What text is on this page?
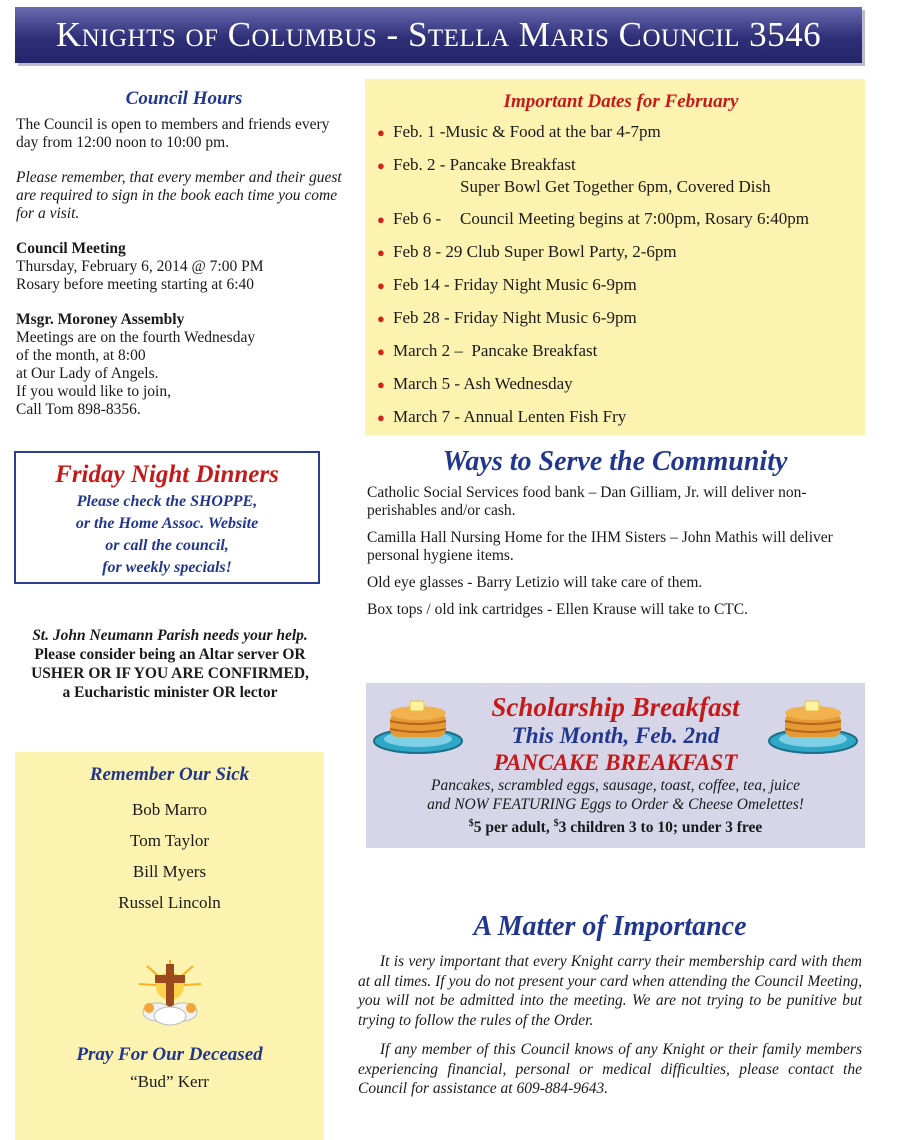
Knights of Columbus - Stella Maris Council 3546
Council Hours

The Council is open to members and friends every day from 12:00 noon to 10:00 pm.

Please remember, that every member and their guest are required to sign in the book each time you come for a visit.

Council Meeting

Thursday, February 6, 2014 @ 7:00 PM

Rosary before meeting starting at 6:40

Msgr. Moroney Assembly

Meetings are on the fourth Wednesday

of the month, at 8:00

at Our Lady of Angels.

If you would like to join,

Call Tom 898-8356.

Friday Night Dinners
Please check the SHOPPE,
or the Home Assoc. Website
or call the council,
for weekly specials!
St. John Neumann Parish needs your help.
Please consider being an Altar server OR
USHER OR IF YOU ARE CONFIRMED,
a Eucharistic minister OR lector
Remember Our Sick
Bob Marro
Tom Taylor
Bill Myers
Russel Lincoln
Pray For Our Deceased
“Bud” Kerr
Important Dates for February
● Feb. 1 -Music & Food at the bar 4-7pm
● Feb. 2 - Pancake Breakfast
Super Bowl Get Together 6pm, Covered Dish
● Feb 6 - Council Meeting begins at 7:00pm, Rosary 6:40pm
● Feb 8 - 29 Club Super Bowl Party, 2-6pm
● Feb 14 - Friday Night Music 6-9pm
● Feb 28 - Friday Night Music 6-9pm
● March 2 – Pancake Breakfast
● March 5 - Ash Wednesday
● March 7 - Annual Lenten Fish Fry
Ways to Serve the Community

Catholic Social Services food bank – Dan Gilliam, Jr. will deliver non-perishables and/or cash.

Camilla Hall Nursing Home for the IHM Sisters – John Mathis will deliver personal hygiene items.

Old eye glasses - Barry Letizio will take care of them.

Box tops / old ink cartridges - Ellen Krause will take to CTC.

Scholarship Breakfast
This Month, Feb. 2nd
PANCAKE BREAKFAST
Pancakes, scrambled eggs, sausage, toast, coffee, tea, juice
and NOW FEATURING Eggs to Order & Cheese Omelettes!
$5 per adult, $3 children 3 to 10; under 3 free
A Matter of Importance

It is very important that every Knight carry their membership card with them at all times. If you do not present your card when attending the Council Meeting, you will not be admitted into the meeting. We are not trying to be punitive but trying to follow the rules of the Order.

If any member of this Council knows of any Knight or their family members experiencing financial, personal or medical difficulties, please contact the Council for assistance at 609-884-9643.
